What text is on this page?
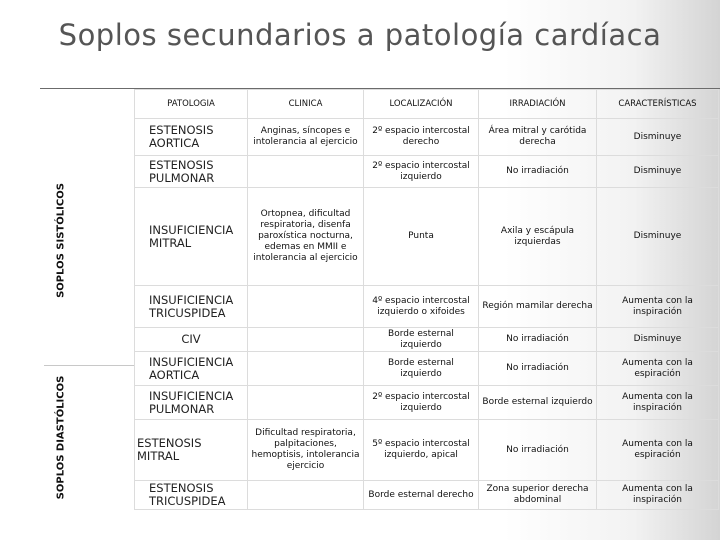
Soplos secundarios a patología cardíaca
SOPLOS SISTÓLICOS
SOPLOS DIASTÓLICOS
PATOLOGIA	CLINICA	LOCALIZACIÓN	IRRADIACIÓN	CARACTERÍSTICAS
ESTENOSIS AORTICA	Anginas, síncopes e intolerancia al ejercicio	2º espacio intercostal derecho	Área mitral y carótida derecha	Disminuye
ESTENOSIS PULMONAR		2º espacio intercostal izquierdo	No irradiación	Disminuye
INSUFICIENCIA MITRAL	Ortopnea, dificultad respiratoria, disenfa paroxística nocturna, edemas en MMII e intolerancia al ejercicio	Punta	Axila y escápula izquierdas	Disminuye
INSUFICIENCIA TRICUSPIDEA		4º espacio intercostal izquierdo o xifoides	Región mamilar derecha	Aumenta con la inspiración
CIV		Borde esternal izquierdo	No irradiación	Disminuye
INSUFICIENCIA AORTICA		Borde esternal izquierdo	No irradiación	Aumenta con la espiración
INSUFICIENCIA PULMONAR		2º espacio intercostal izquierdo	Borde esternal izquierdo	Aumenta con la inspiración
ESTENOSIS MITRAL	Dificultad respiratoria, palpitaciones, hemoptisis, intolerancia ejercicio	5º espacio intercostal izquierdo, apical	No irradiación	Aumenta con la espiración
ESTENOSIS TRICUSPIDEA		Borde esternal derecho	Zona superior derecha abdominal	Aumenta con la inspiración
